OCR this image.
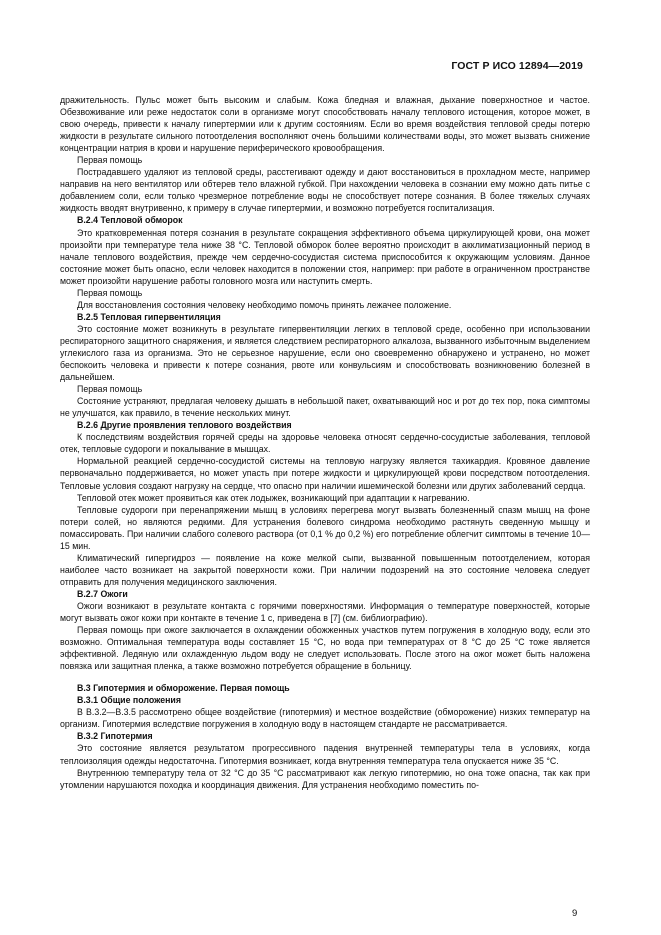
ГОСТ Р ИСО 12894—2019

дражительность. Пульс может быть высоким и слабым. Кожа бледная и влажная, дыхание поверхностное и частое. Обезвоживание или реже недостаток соли в организме могут способствовать началу теплового истощения, которое может, в свою очередь, привести к началу гипертермии или к другим состояниям. Если во время воздействия тепловой среды потерю жидкости в результате сильного потоотделения восполняют очень большими количествами воды, это может вызвать снижение концентрации натрия в крови и нарушение периферического кровообращения.

Первая помощь

Пострадавшего удаляют из тепловой среды, расстегивают одежду и дают восстановиться в прохладном месте, например направив на него вентилятор или обтерев тело влажной губкой. При нахождении человека в сознании ему можно дать питье с добавлением соли, если только чрезмерное потребление воды не способствует потере сознания. В более тяжелых случаях жидкость вводят внутривенно, к примеру в случае гипертермии, и возможно потребуется госпитализация.

В.2.4 Тепловой обморок

Это кратковременная потеря сознания в результате сокращения эффективного объема циркулирующей крови, она может произойти при температуре тела ниже 38 °С. Тепловой обморок более вероятно происходит в акклиматизационный период в начале теплового воздействия, прежде чем сердечно-сосудистая система приспособится к окружающим условиям. Данное состояние может быть опасно, если человек находится в положении стоя, например: при работе в ограниченном пространстве может произойти нарушение работы головного мозга или наступить смерть.

Первая помощь

Для восстановления состояния человеку необходимо помочь принять лежачее положение.

В.2.5 Тепловая гипервентиляция

Это состояние может возникнуть в результате гипервентиляции легких в тепловой среде, особенно при использовании респираторного защитного снаряжения, и является следствием респираторного алкалоза, вызванного избыточным выделением углекислого газа из организма. Это не серьезное нарушение, если оно своевременно обнаружено и устранено, но может беспокоить человека и привести к потере сознания, рвоте или конвульсиям и способствовать возникновению болезней в дальнейшем.

Первая помощь

Состояние устраняют, предлагая человеку дышать в небольшой пакет, охватывающий нос и рот до тех пор, пока симптомы не улучшатся, как правило, в течение нескольких минут.

В.2.6 Другие проявления теплового воздействия

К последствиям воздействия горячей среды на здоровье человека относят сердечно-сосудистые заболевания, тепловой отек, тепловые судороги и покалывание в мышцах.

Нормальной реакцией сердечно-сосудистой системы на тепловую нагрузку является тахикардия. Кровяное давление первоначально поддерживается, но может упасть при потере жидкости и циркулирующей крови посредством потоотделения. Тепловые условия создают нагрузку на сердце, что опасно при наличии ишемической болезни или других заболеваний сердца.

Тепловой отек может проявиться как отек лодыжек, возникающий при адаптации к нагреванию.

Тепловые судороги при перенапряжении мышц в условиях перегрева могут вызвать болезненный спазм мышц на фоне потери солей, но являются редкими. Для устранения болевого синдрома необходимо растянуть сведенную мышцу и помассировать. При наличии слабого солевого раствора (от 0,1 % до 0,2 %) его потребление облегчит симптомы в течение 10—15 мин.

Климатический гипергидроз — появление на коже мелкой сыпи, вызванной повышенным потоотделением, которая наиболее часто возникает на закрытой поверхности кожи. При наличии подозрений на это состояние человека следует отправить для получения медицинского заключения.

В.2.7 Ожоги

Ожоги возникают в результате контакта с горячими поверхностями. Информация о температуре поверхностей, которые могут вызвать ожог кожи при контакте в течение 1 с, приведена в [7] (см. библиографию).

Первая помощь при ожоге заключается в охлаждении обожженных участков путем погружения в холодную воду, если это возможно. Оптимальная температура воды составляет 15 °С, но вода при температурах от 8 °С до 25 °С тоже является эффективной. Ледяную или охлажденную льдом воду не следует использовать. После этого на ожог может быть наложена повязка или защитная пленка, а также возможно потребуется обращение в больницу.

В.3 Гипотермия и обморожение. Первая помощь

В.3.1 Общие положения

В В.3.2—В.3.5 рассмотрено общее воздействие (гипотермия) и местное воздействие (обморожение) низких температур на организм. Гипотермия вследствие погружения в холодную воду в настоящем стандарте не рассматривается.

В.3.2 Гипотермия

Это состояние является результатом прогрессивного падения внутренней температуры тела в условиях, когда теплоизоляция одежды недостаточна. Гипотермия возникает, когда внутренняя температура тела опускается ниже 35 °С.

Внутреннюю температуру тела от 32 °С до 35 °С рассматривают как легкую гипотермию, но она тоже опасна, так как при утомлении нарушаются походка и координация движения. Для устранения необходимо поместить по-

9
